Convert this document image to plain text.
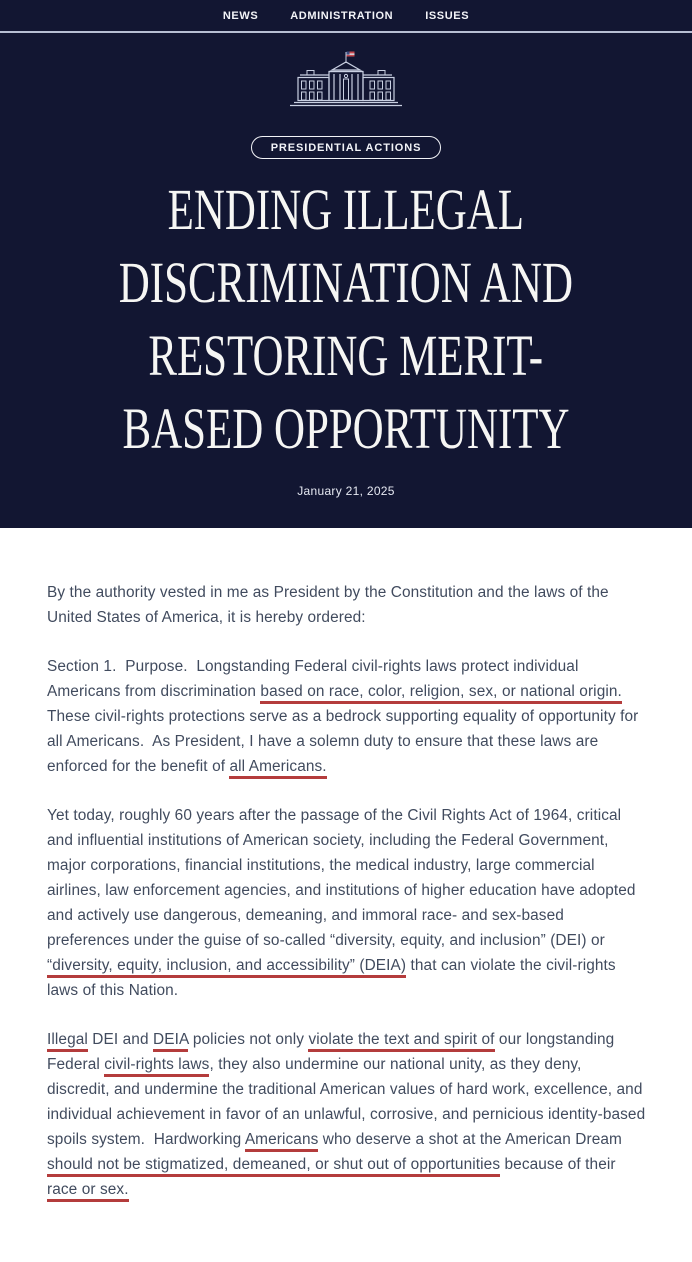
NEWS	ADMINISTRATION	ISSUES
PRESIDENTIAL ACTIONS
ENDING ILLEGAL
DISCRIMINATION AND
RESTORING MERIT-
BASED OPPORTUNITY
January 21, 2025

By the authority vested in me as President by the Constitution and the laws of the United States of America, it is hereby ordered:

Section 1.  Purpose.  Longstanding Federal civil-rights laws protect individual Americans from discrimination based on race, color, religion, sex, or national origin.  These civil-rights protections serve as a bedrock supporting equality of opportunity for all Americans.  As President, I have a solemn duty to ensure that these laws are enforced for the benefit of all Americans.

Yet today, roughly 60 years after the passage of the Civil Rights Act of 1964, critical and influential institutions of American society, including the Federal Government, major corporations, financial institutions, the medical industry, large commercial airlines, law enforcement agencies, and institutions of higher education have adopted and actively use dangerous, demeaning, and immoral race- and sex-based preferences under the guise of so-called “diversity, equity, and inclusion” (DEI) or “diversity, equity, inclusion, and accessibility” (DEIA) that can violate the civil-rights laws of this Nation.

Illegal DEI and DEIA policies not only violate the text and spirit of our longstanding Federal civil-rights laws, they also undermine our national unity, as they deny, discredit, and undermine the traditional American values of hard work, excellence, and individual achievement in favor of an unlawful, corrosive, and pernicious identity-based spoils system.  Hardworking Americans who deserve a shot at the American Dream should not be stigmatized, demeaned, or shut out of opportunities because of their race or sex.
